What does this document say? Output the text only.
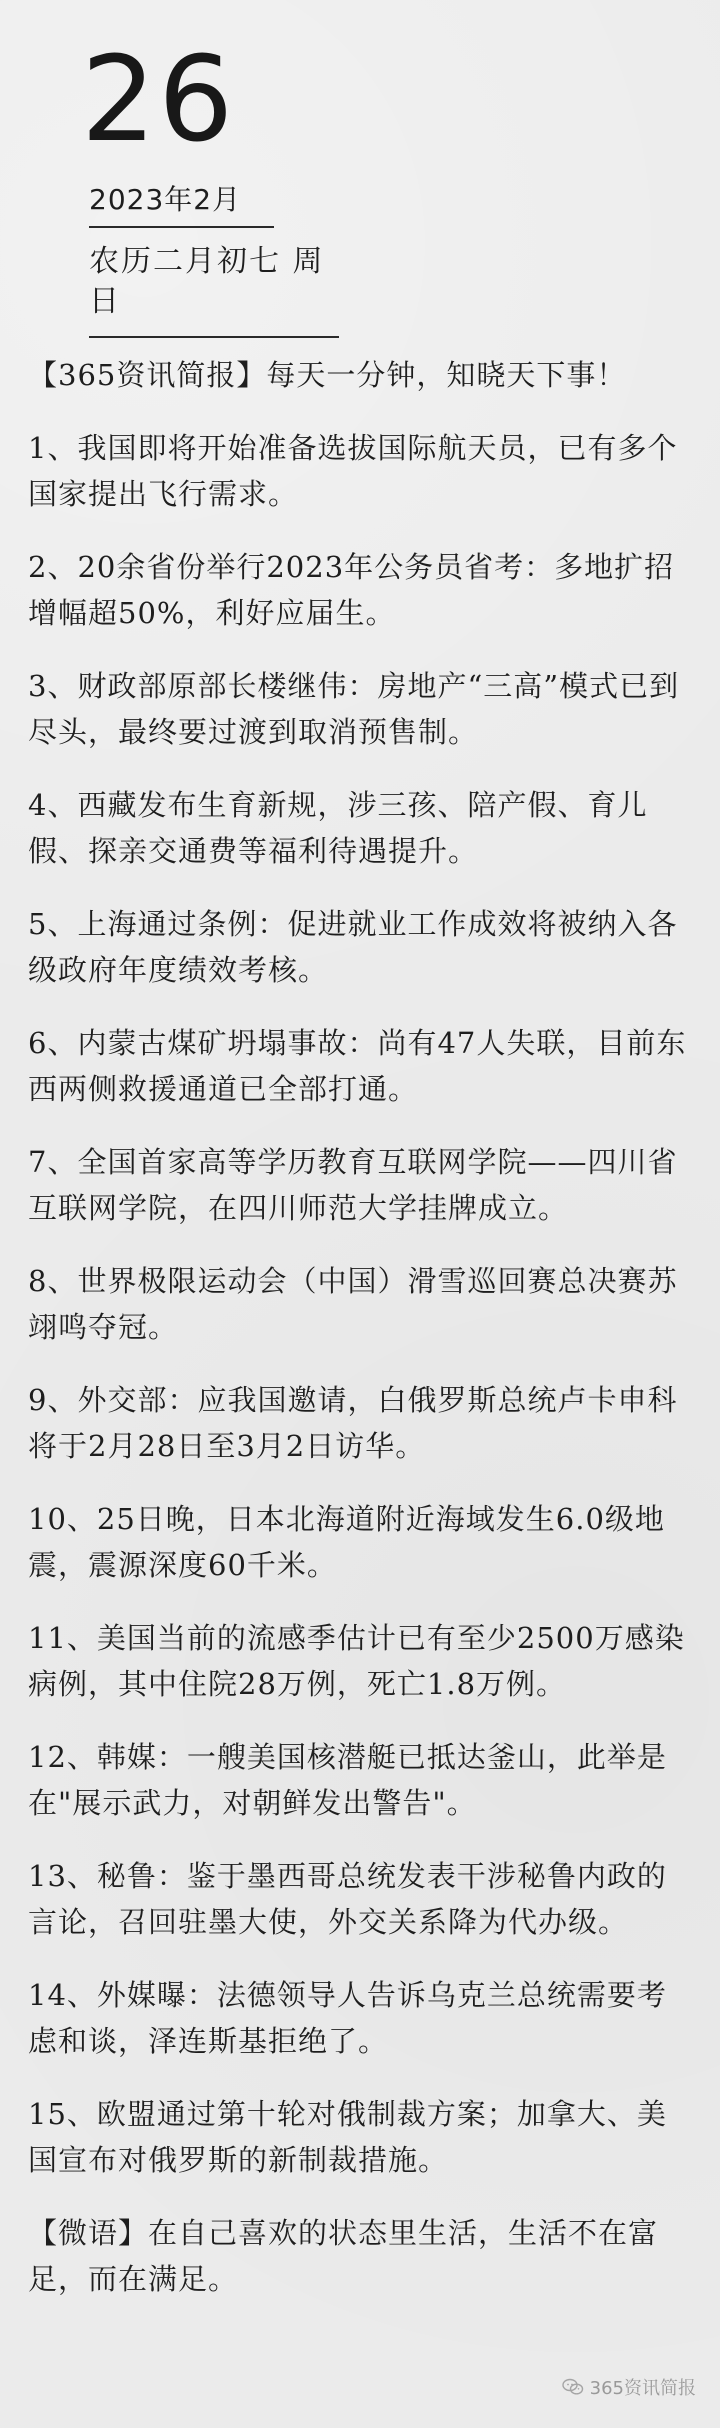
26
2023年2月
农历二月初七 周日

【365资讯简报】每天一分钟，知晓天下事！

1、我国即将开始准备选拔国际航天员，已有多个国家提出飞行需求。

2、20余省份举行2023年公务员省考：多地扩招增幅超50%，利好应届生。

3、财政部原部长楼继伟：房地产“三高”模式已到尽头，最终要过渡到取消预售制。

4、西藏发布生育新规，涉三孩、陪产假、育儿假、探亲交通费等福利待遇提升。

5、上海通过条例：促进就业工作成效将被纳入各级政府年度绩效考核。

6、内蒙古煤矿坍塌事故：尚有47人失联，目前东西两侧救援通道已全部打通。

7、全国首家高等学历教育互联网学院——四川省互联网学院，在四川师范大学挂牌成立。

8、世界极限运动会（中国）滑雪巡回赛总决赛苏翊鸣夺冠。

9、外交部：应我国邀请，白俄罗斯总统卢卡申科将于2月28日至3月2日访华。

10、25日晚，日本北海道附近海域发生6.0级地震，震源深度60千米。

11、美国当前的流感季估计已有至少2500万感染病例，其中住院28万例，死亡1.8万例。

12、韩媒：一艘美国核潜艇已抵达釜山，此举是在"展示武力，对朝鲜发出警告"。

13、秘鲁：鉴于墨西哥总统发表干涉秘鲁内政的言论，召回驻墨大使，外交关系降为代办级。

14、外媒曝：法德领导人告诉乌克兰总统需要考虑和谈，泽连斯基拒绝了。

15、欧盟通过第十轮对俄制裁方案；加拿大、美国宣布对俄罗斯的新制裁措施。

【微语】在自己喜欢的状态里生活，生活不在富足，而在满足。

365资讯简报
